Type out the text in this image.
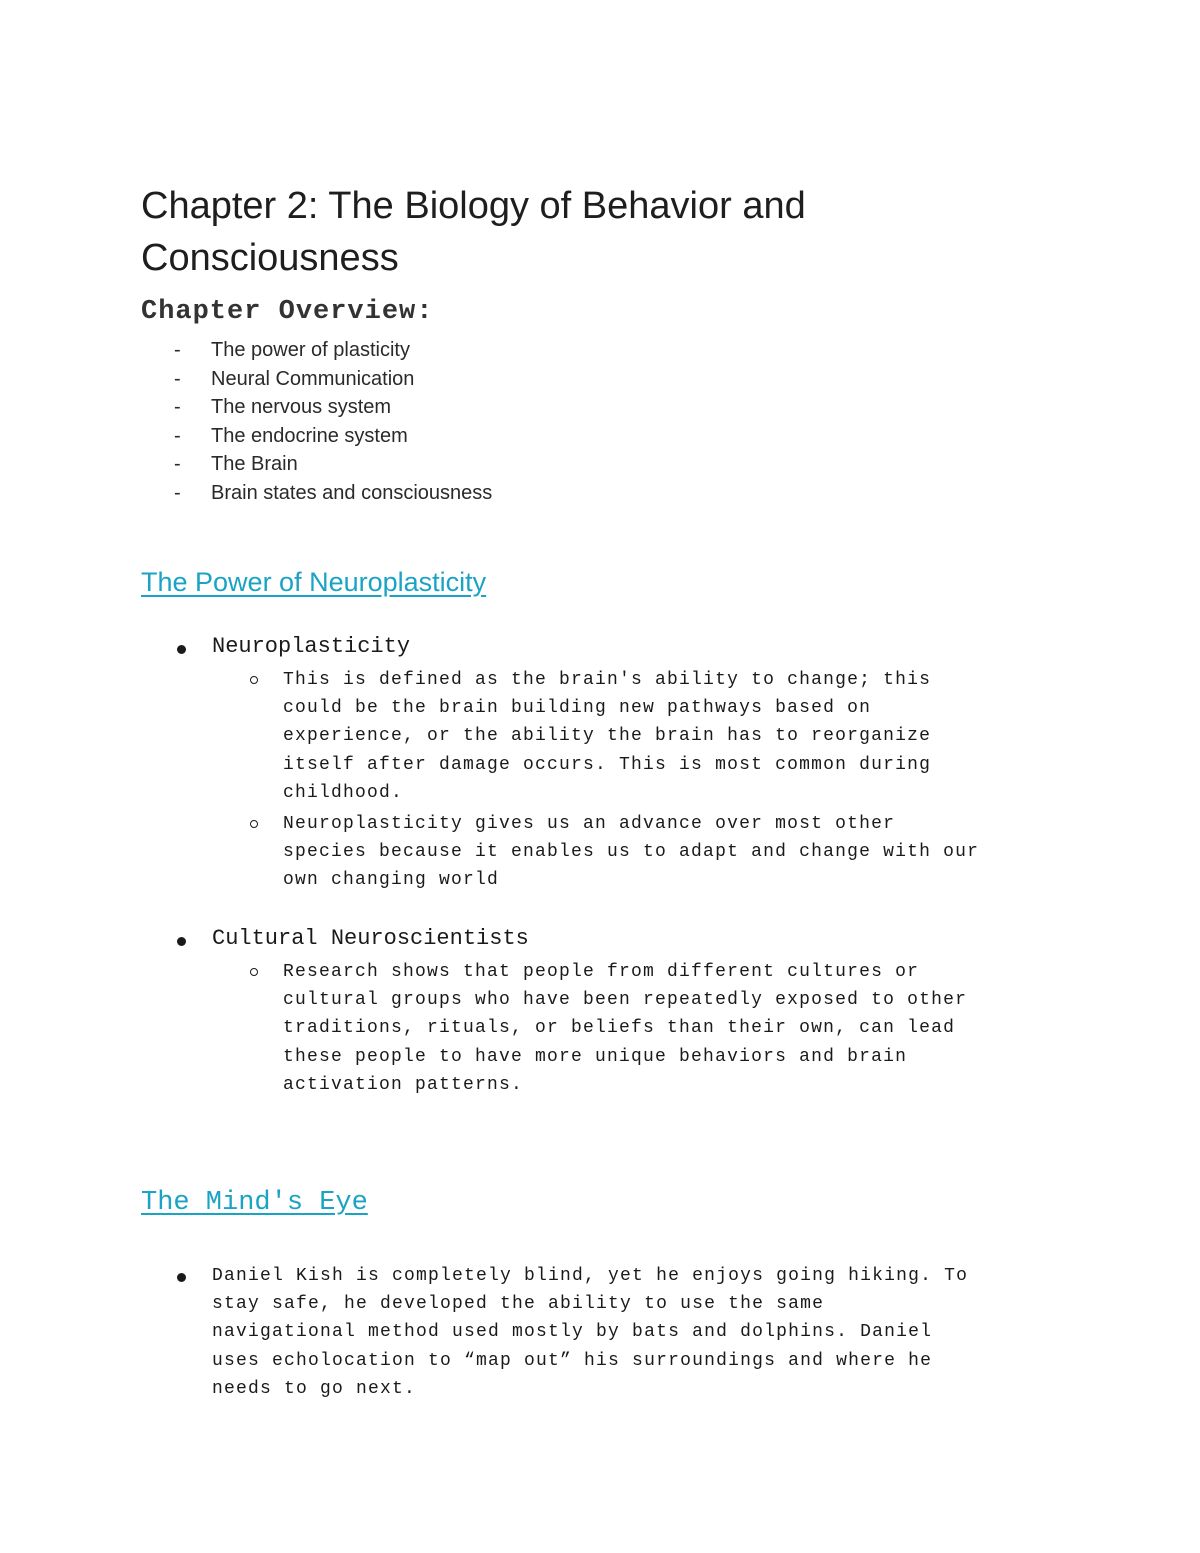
Chapter 2: The Biology of Behavior and Consciousness
Chapter Overview:
- The power of plasticity
- Neural Communication
- The nervous system
- The endocrine system
- The Brain
- Brain states and consciousness
The Power of Neuroplasticity
Neuroplasticity
This is defined as the brain's ability to change; this
could be the brain building new pathways based on
experience, or the ability the brain has to reorganize
itself after damage occurs. This is most common during
childhood.
Neuroplasticity gives us an advance over most other
species because it enables us to adapt and change with our
own changing world
Cultural Neuroscientists
Research shows that people from different cultures or
cultural groups who have been repeatedly exposed to other
traditions, rituals, or beliefs than their own, can lead
these people to have more unique behaviors and brain
activation patterns.
The Mind's Eye
Daniel Kish is completely blind, yet he enjoys going hiking. To
stay safe, he developed the ability to use the same
navigational method used mostly by bats and dolphins. Daniel
uses echolocation to “map out” his surroundings and where he
needs to go next.
